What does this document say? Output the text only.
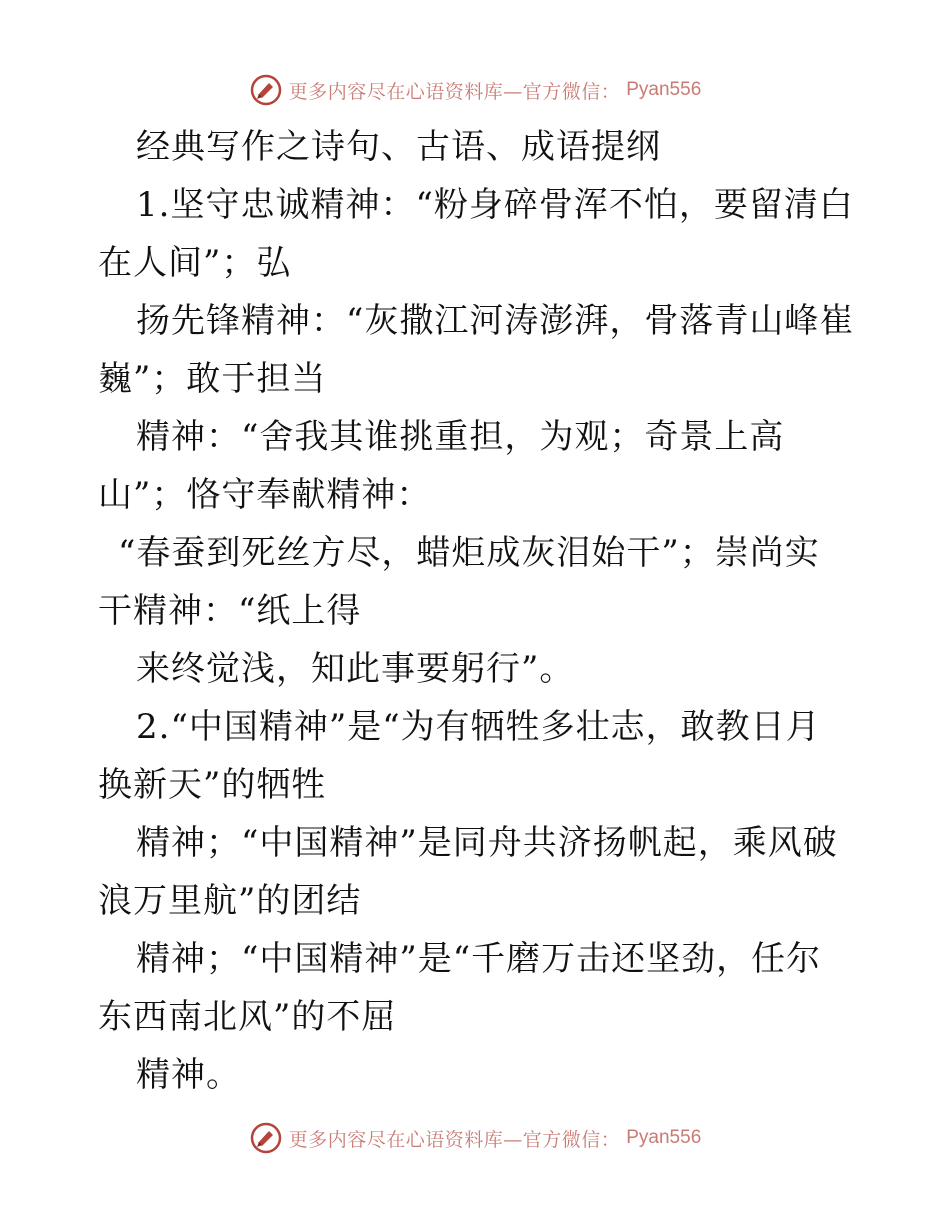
更多内容尽在心语资料库—官方微信： Pyan556
经典写作之诗句、古语、成语提纲
1.坚守忠诚精神：“粉身碎骨浑不怕，要留清白
在人间”；弘
扬先锋精神：“灰撒江河涛澎湃，骨落青山峰崔
巍”；敢于担当
精神：“舍我其谁挑重担，为观；奇景上高
山”；恪守奉献精神：
“春蚕到死丝方尽，蜡炬成灰泪始干”；崇尚实
干精神：“纸上得
来终觉浅，知此事要躬行”。
2.“中国精神”是“为有牺牲多壮志，敢教日月
换新天”的牺牲
精神；“中国精神”是同舟共济扬帆起，乘风破
浪万里航”的团结
精神；“中国精神”是“千磨万击还坚劲，任尔
东西南北风”的不屈
精神。
更多内容尽在心语资料库—官方微信： Pyan556
